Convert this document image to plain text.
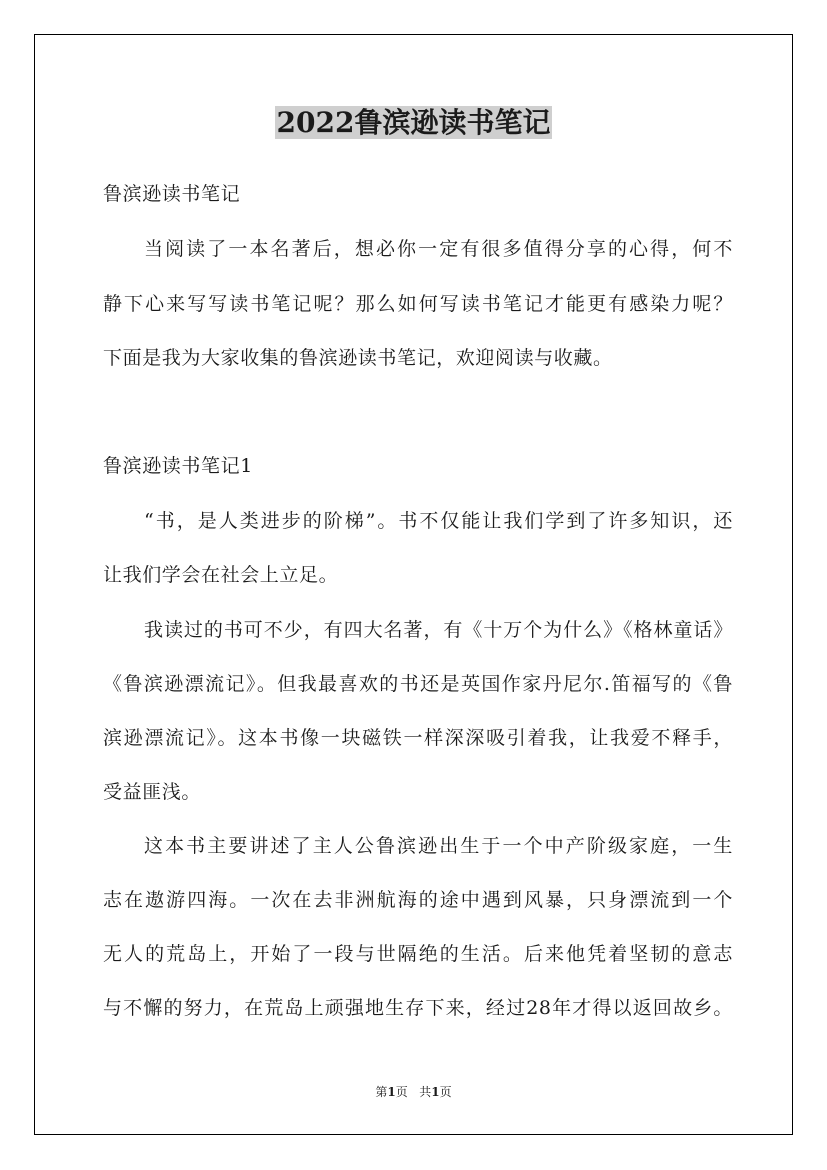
2022鲁滨逊读书笔记

鲁滨逊读书笔记

当阅读了一本名著后，想必你一定有很多值得分享的心得，何不

静下心来写写读书笔记呢？那么如何写读书笔记才能更有感染力呢？

下面是我为大家收集的鲁滨逊读书笔记，欢迎阅读与收藏。

鲁滨逊读书笔记1

“书，是人类进步的阶梯”。书不仅能让我们学到了许多知识，还

让我们学会在社会上立足。

我读过的书可不少，有四大名著，有《十万个为什么》《格林童话》

《鲁滨逊漂流记》。但我最喜欢的书还是英国作家丹尼尔.笛福写的《鲁

滨逊漂流记》。这本书像一块磁铁一样深深吸引着我，让我爱不释手，

受益匪浅。

这本书主要讲述了主人公鲁滨逊出生于一个中产阶级家庭，一生

志在遨游四海。一次在去非洲航海的途中遇到风暴，只身漂流到一个

无人的荒岛上，开始了一段与世隔绝的生活。后来他凭着坚韧的意志

与不懈的努力，在荒岛上顽强地生存下来，经过28年才得以返回故乡。

第1页 共1页
